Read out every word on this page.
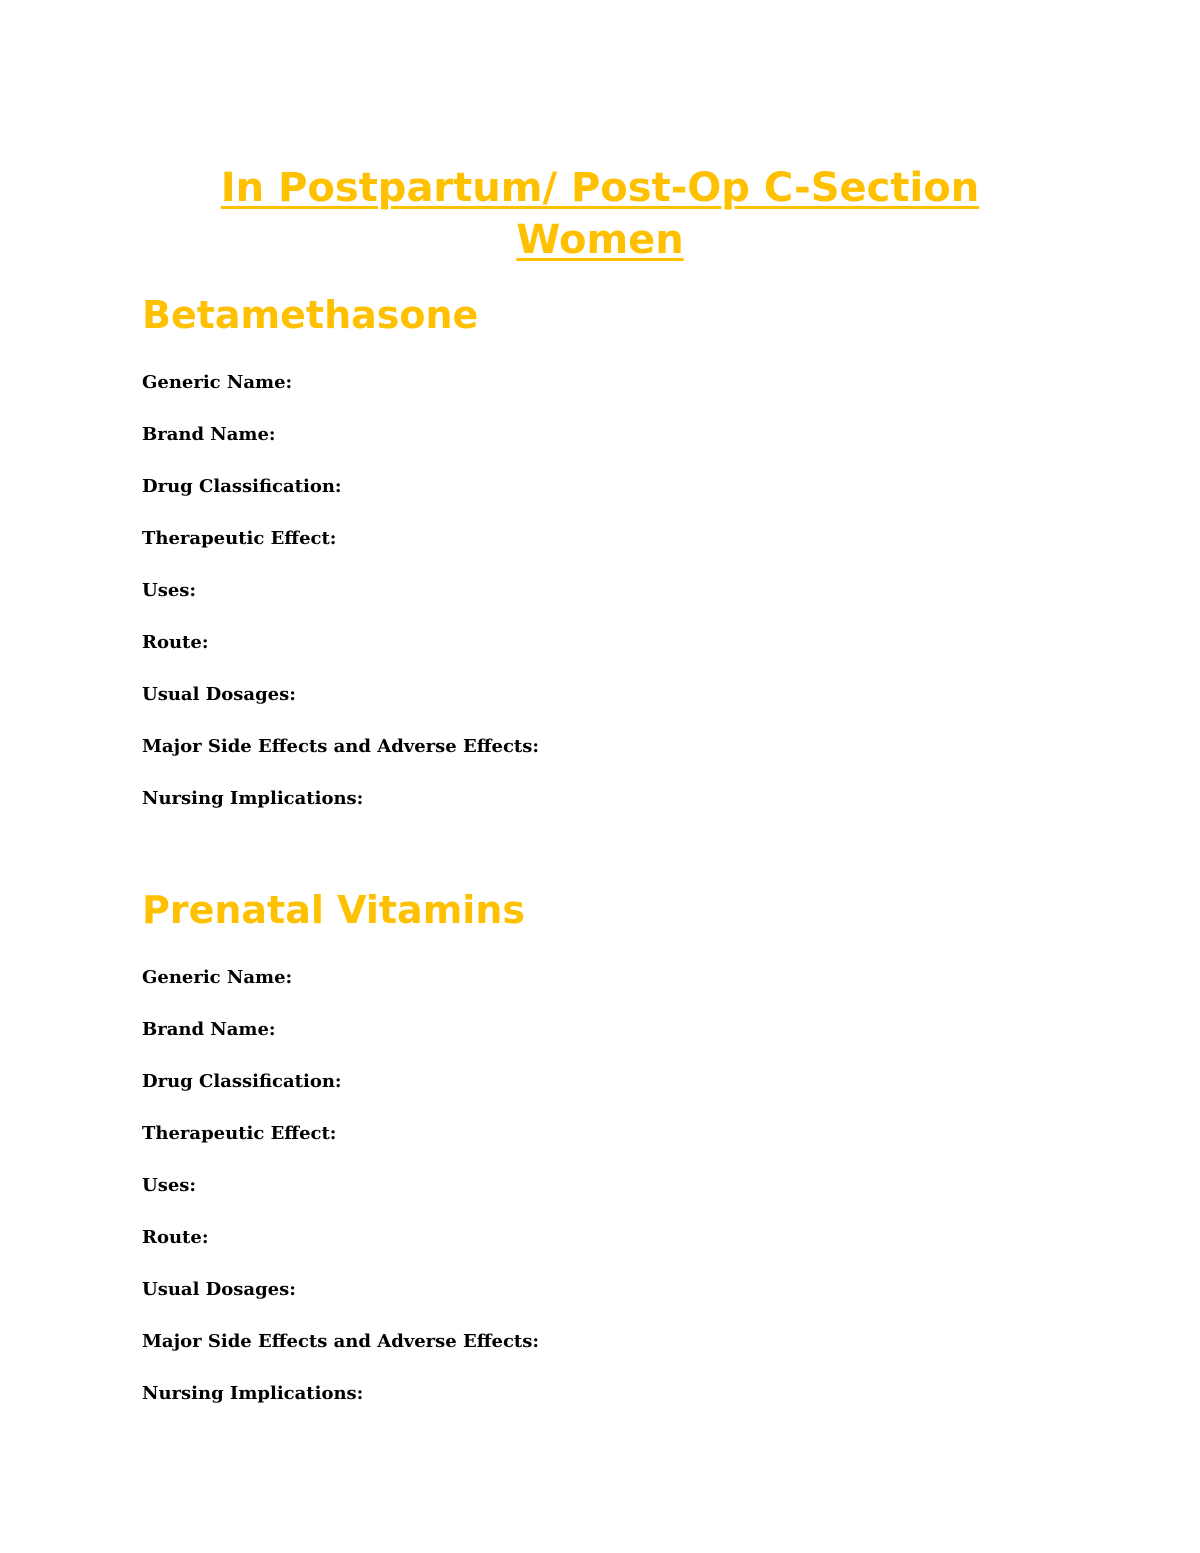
In Postpartum/ Post-Op C-Section
Women
Betamethasone
Generic Name:
Brand Name:
Drug Classification:
Therapeutic Effect:
Uses:
Route:
Usual Dosages:
Major Side Effects and Adverse Effects:
Nursing Implications:
Prenatal Vitamins
Generic Name:
Brand Name:
Drug Classification:
Therapeutic Effect:
Uses:
Route:
Usual Dosages:
Major Side Effects and Adverse Effects:
Nursing Implications:
